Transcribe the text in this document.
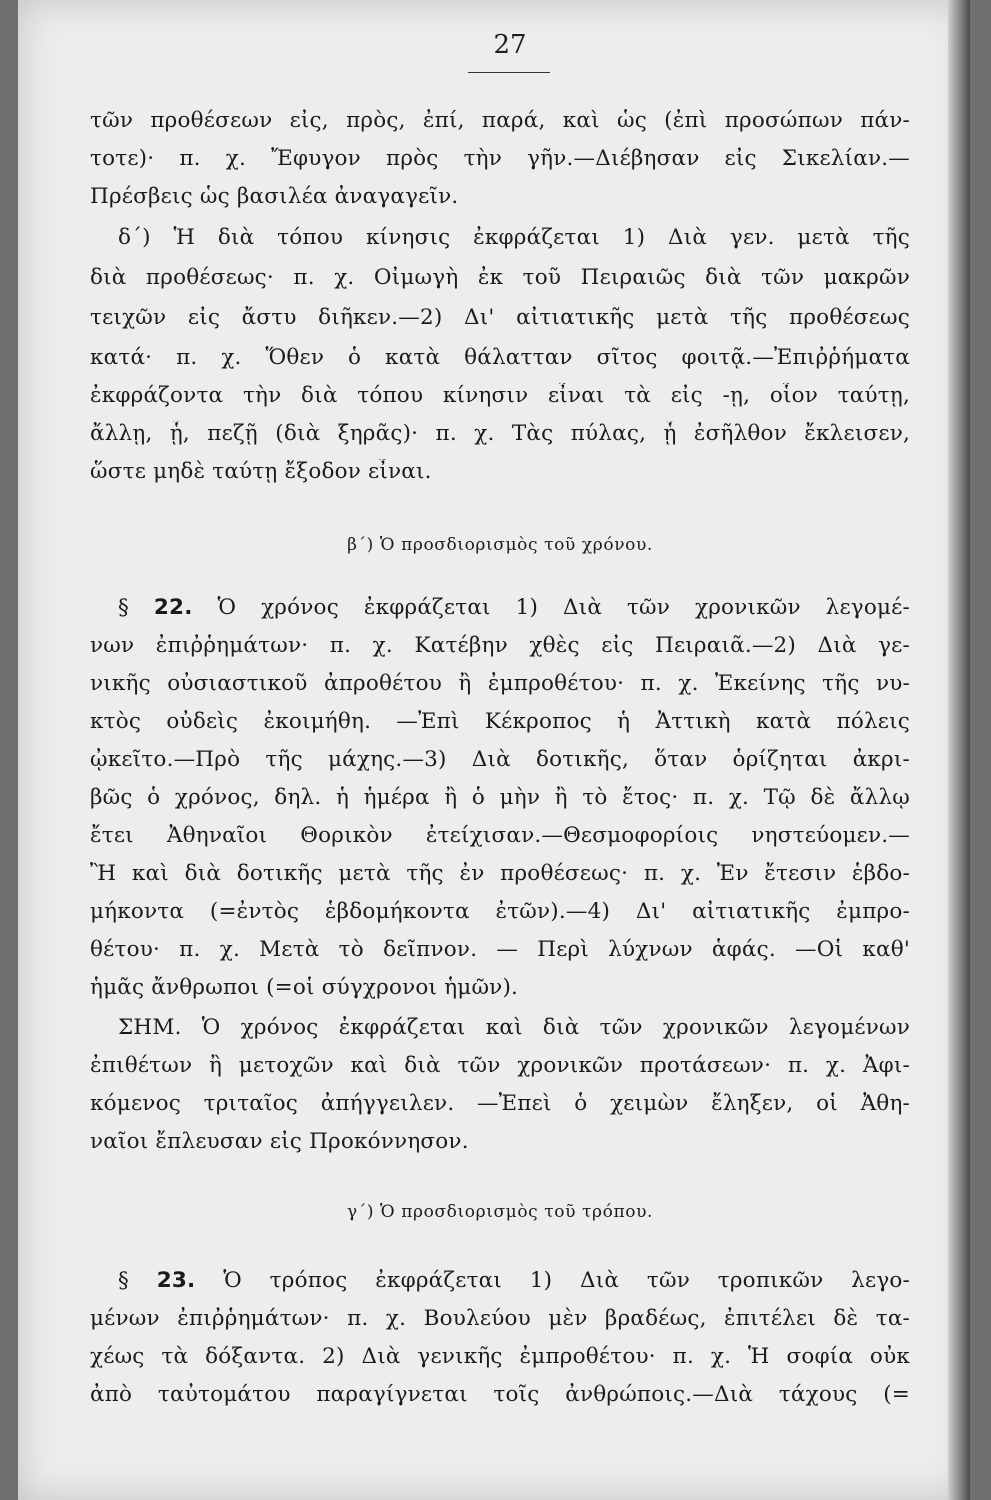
27
τῶν προθέσεων εἰς, πρὸς, ἐπί, παρά, καὶ ὡς (ἐπὶ προσώπων πάν-
τοτε)· π. χ. Ἔφυγον πρὸς τὴν γῆν.—Διέβησαν εἰς Σικελίαν.—
Πρέσβεις ὡς βασιλέα ἀναγαγεῖν.
δ΄) Ἡ διὰ τόπου κίνησις ἐκφράζεται 1) Διὰ γεν. μετὰ τῆς
διὰ προθέσεως· π. χ. Οἰμωγὴ ἐκ τοῦ Πειραιῶς διὰ τῶν μακρῶν
τειχῶν εἰς ἄστυ διῆκεν.—2) Δι' αἰτιατικῆς μετὰ τῆς προθέσεως
κατά· π. χ. Ὅθεν ὁ κατὰ θάλατταν σῖτος φοιτᾷ.—Ἐπιῤῥήματα
ἐκφράζοντα τὴν διὰ τόπου κίνησιν εἶναι τὰ εἰς -ῃ, οἷον ταύτῃ,
ἄλλῃ, ᾗ, πεζῇ (διὰ ξηρᾶς)· π. χ. Τὰς πύλας, ᾗ ἐσῆλθον ἔκλεισεν,
ὥστε μηδὲ ταύτῃ ἔξοδον εἶναι.
β΄) Ὁ προσδιορισμὸς τοῦ χρόνου.
§ 22. Ὁ χρόνος ἐκφράζεται 1) Διὰ τῶν χρονικῶν λεγομέ-
νων ἐπιῤῥημάτων· π. χ. Κατέβην χθὲς εἰς Πειραιᾶ.—2) Διὰ γε-
νικῆς οὐσιαστικοῦ ἀπροθέτου ἢ ἐμπροθέτου· π. χ. Ἐκείνης τῆς νυ-
κτὸς οὐδεὶς ἐκοιμήθη. —Ἐπὶ Κέκροπος ἡ Ἀττικὴ κατὰ πόλεις
ᾠκεῖτο.—Πρὸ τῆς μάχης.—3) Διὰ δοτικῆς, ὅταν ὁρίζηται ἀκρι-
βῶς ὁ χρόνος, δηλ. ἡ ἡμέρα ἢ ὁ μὴν ἢ τὸ ἔτος· π. χ. Τῷ δὲ ἄλλῳ
ἔτει Ἀθηναῖοι Θορικὸν ἐτείχισαν.—Θεσμοφορίοις νηστεύομεν.—
Ἢ καὶ διὰ δοτικῆς μετὰ τῆς ἐν προθέσεως· π. χ. Ἐν ἔτεσιν ἑβδο-
μήκοντα (=ἐντὸς ἑβδομήκοντα ἐτῶν).—4) Δι' αἰτιατικῆς ἐμπρο-
θέτου· π. χ. Μετὰ τὸ δεῖπνον. — Περὶ λύχνων ἁφάς. —Οἱ καθ'
ἡμᾶς ἄνθρωποι (=οἱ σύγχρονοι ἡμῶν).
ΣΗΜ. Ὁ χρόνος ἐκφράζεται καὶ διὰ τῶν χρονικῶν λεγομένων
ἐπιθέτων ἢ μετοχῶν καὶ διὰ τῶν χρονικῶν προτάσεων· π. χ. Ἀφι-
κόμενος τριταῖος ἀπήγγειλεν. —Ἐπεὶ ὁ χειμὼν ἔληξεν, οἱ Ἀθη-
ναῖοι ἔπλευσαν εἰς Προκόννησον.
γ΄) Ὁ προσδιορισμὸς τοῦ τρόπου.
§ 23. Ὁ τρόπος ἐκφράζεται 1) Διὰ τῶν τροπικῶν λεγο-
μένων ἐπιῤῥημάτων· π. χ. Βουλεύου μὲν βραδέως, ἐπιτέλει δὲ τα-
χέως τὰ δόξαντα. 2) Διὰ γενικῆς ἐμπροθέτου· π. χ. Ἡ σοφία οὐκ
ἀπὸ ταὐτομάτου παραγίγνεται τοῖς ἀνθρώποις.—Διὰ τάχους (=
